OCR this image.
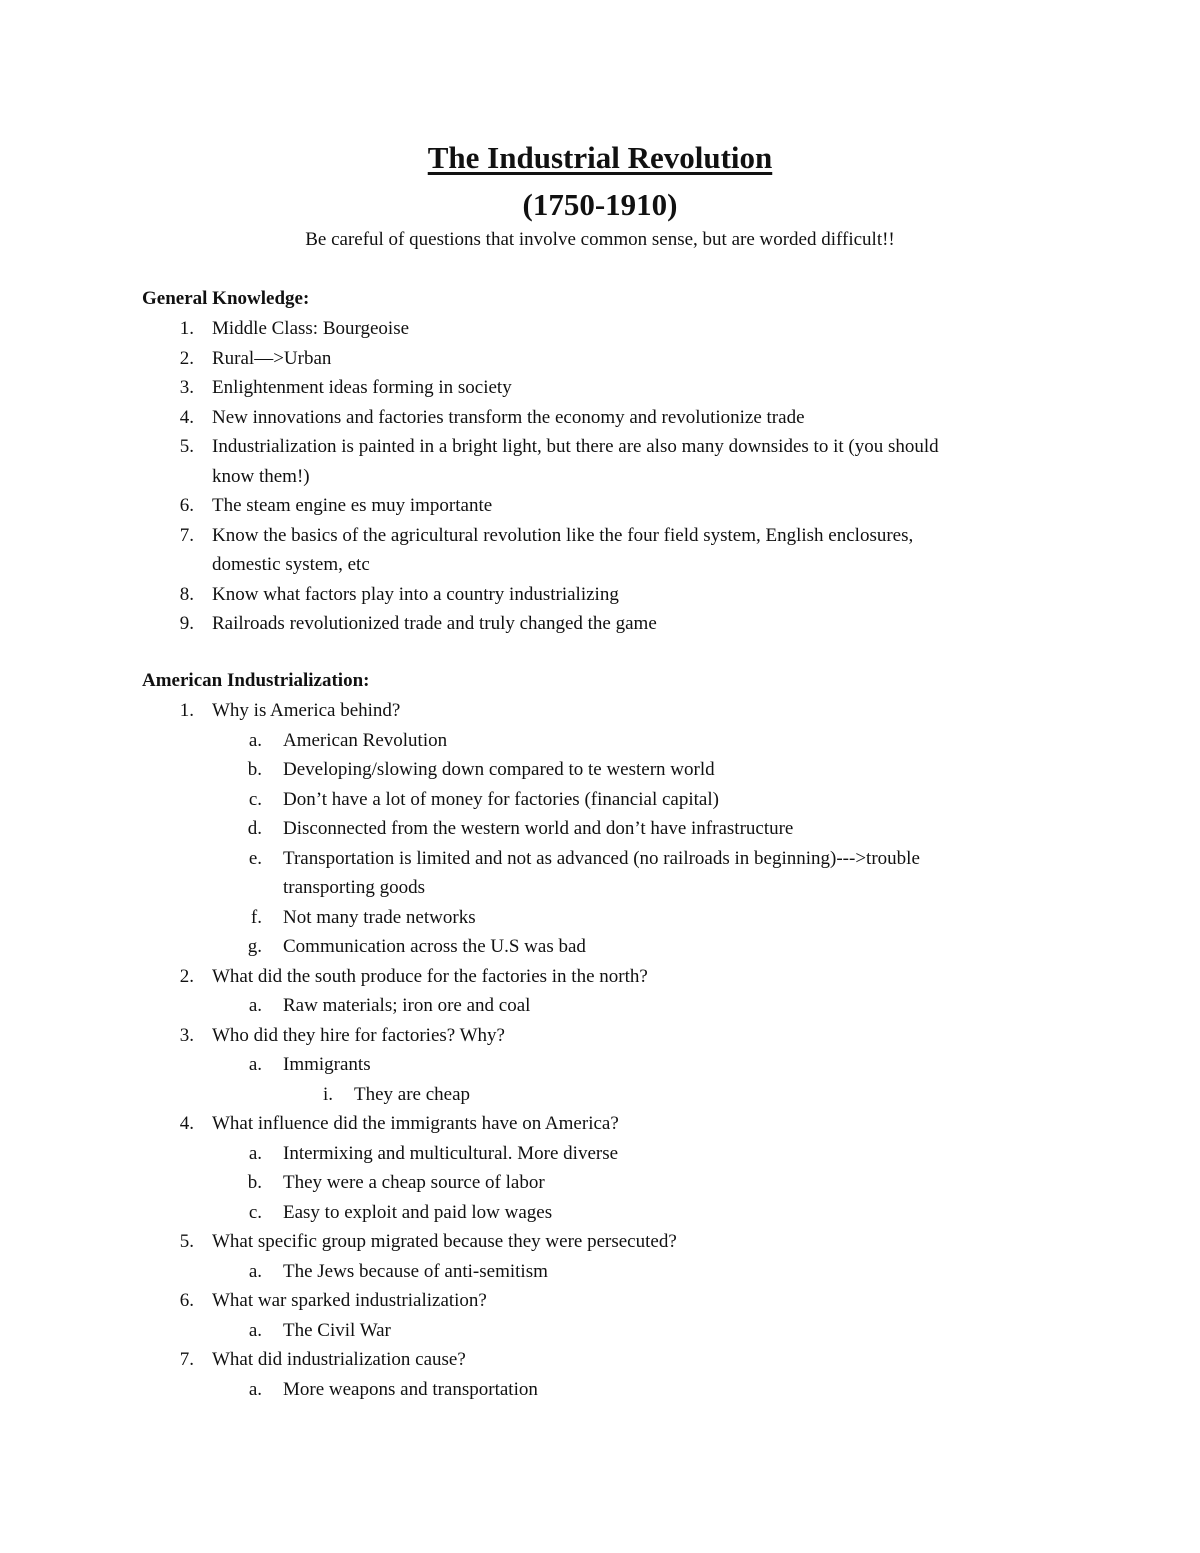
The Industrial Revolution
(1750-1910)
Be careful of questions that involve common sense, but are worded difficult!!
General Knowledge:
1. Middle Class: Bourgeoise
2. Rural—>Urban
3. Enlightenment ideas forming in society
4. New innovations and factories transform the economy and revolutionize trade
5. Industrialization is painted in a bright light, but there are also many downsides to it (you should
know them!)
6. The steam engine es muy importante
7. Know the basics of the agricultural revolution like the four field system, English enclosures,
domestic system, etc
8. Know what factors play into a country industrializing
9. Railroads revolutionized trade and truly changed the game
American Industrialization:
1. Why is America behind?
a. American Revolution
b. Developing/slowing down compared to te western world
c. Don’t have a lot of money for factories (financial capital)
d. Disconnected from the western world and don’t have infrastructure
e. Transportation is limited and not as advanced (no railroads in beginning)--->trouble
transporting goods
f. Not many trade networks
g. Communication across the U.S was bad
2. What did the south produce for the factories in the north?
a. Raw materials; iron ore and coal
3. Who did they hire for factories? Why?
a. Immigrants
i. They are cheap
4. What influence did the immigrants have on America?
a. Intermixing and multicultural. More diverse
b. They were a cheap source of labor
c. Easy to exploit and paid low wages
5. What specific group migrated because they were persecuted?
a. The Jews because of anti-semitism
6. What war sparked industrialization?
a. The Civil War
7. What did industrialization cause?
a. More weapons and transportation
